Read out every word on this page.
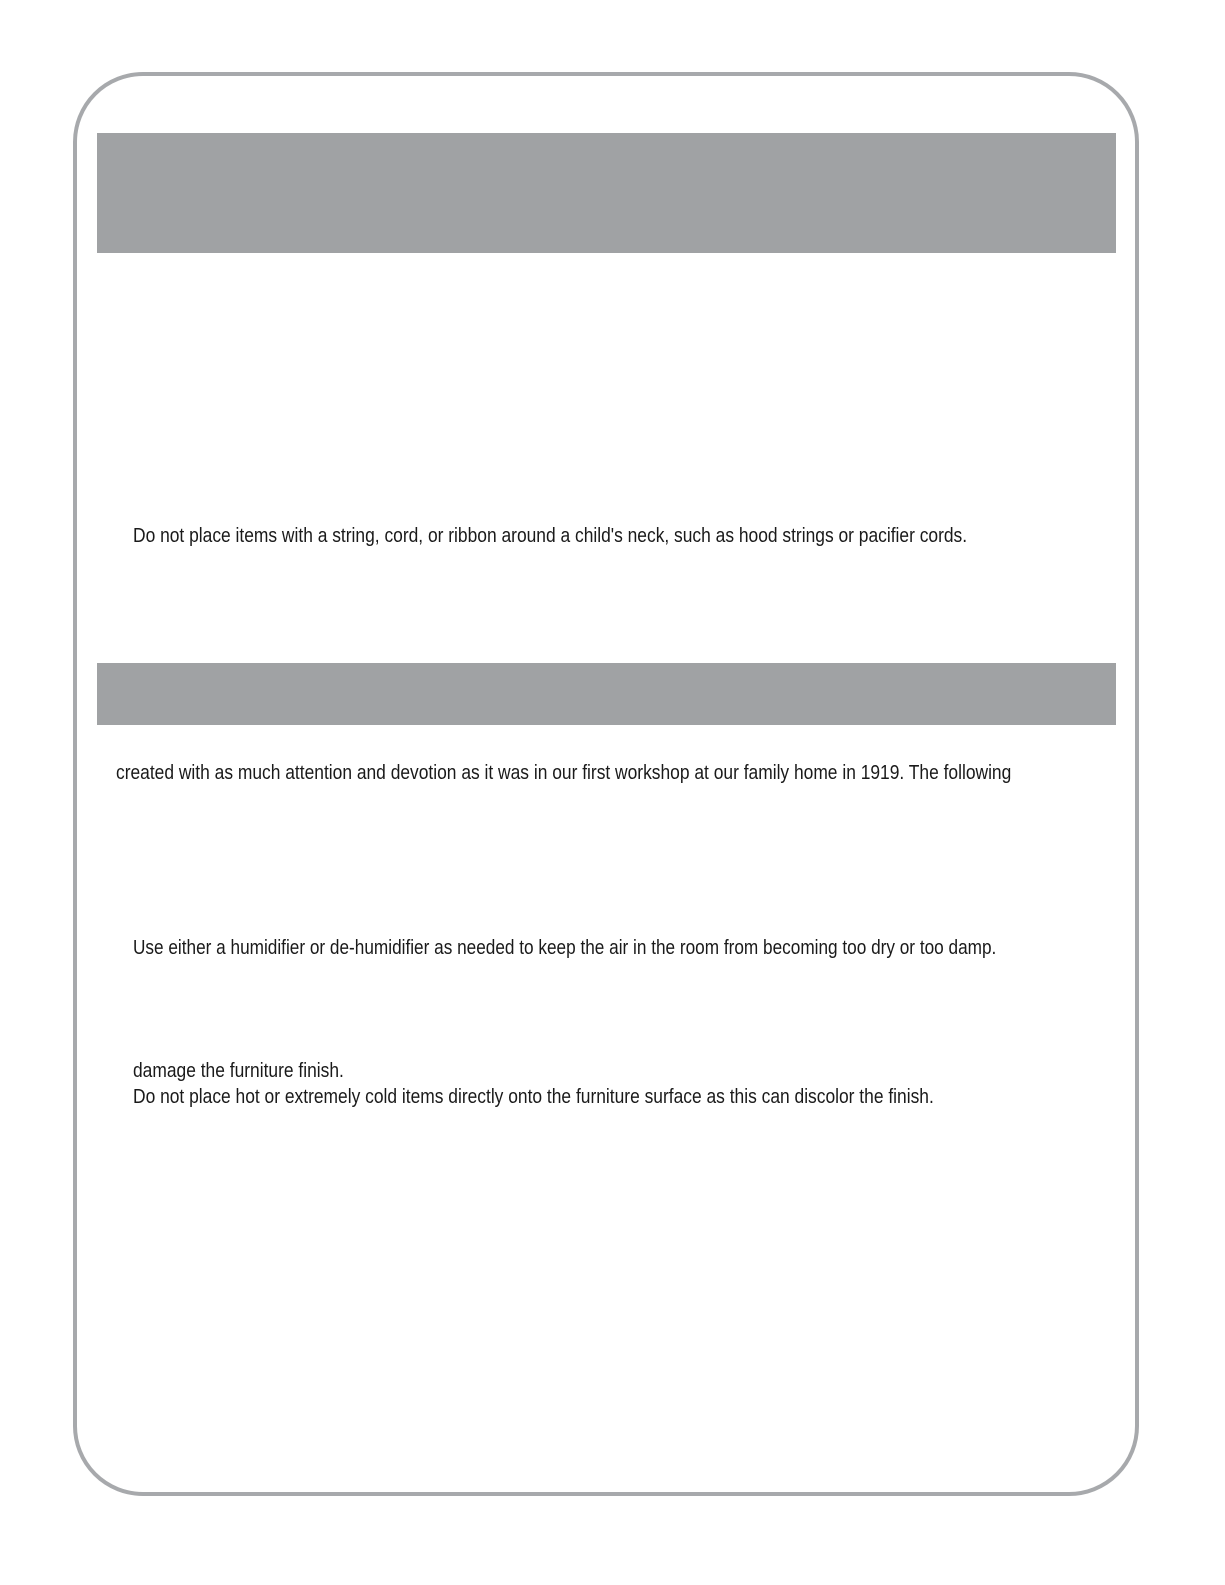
Do not place items with a string, cord, or ribbon around a child's neck, such as hood strings or pacifier cords.
created with as much attention and devotion as it was in our first workshop at our family home in 1919. The following
Use either a humidifier or de-humidifier as needed to keep the air in the room from becoming too dry or too damp.
damage the furniture finish.
Do not place hot or extremely cold items directly onto the furniture surface as this can discolor the finish.
